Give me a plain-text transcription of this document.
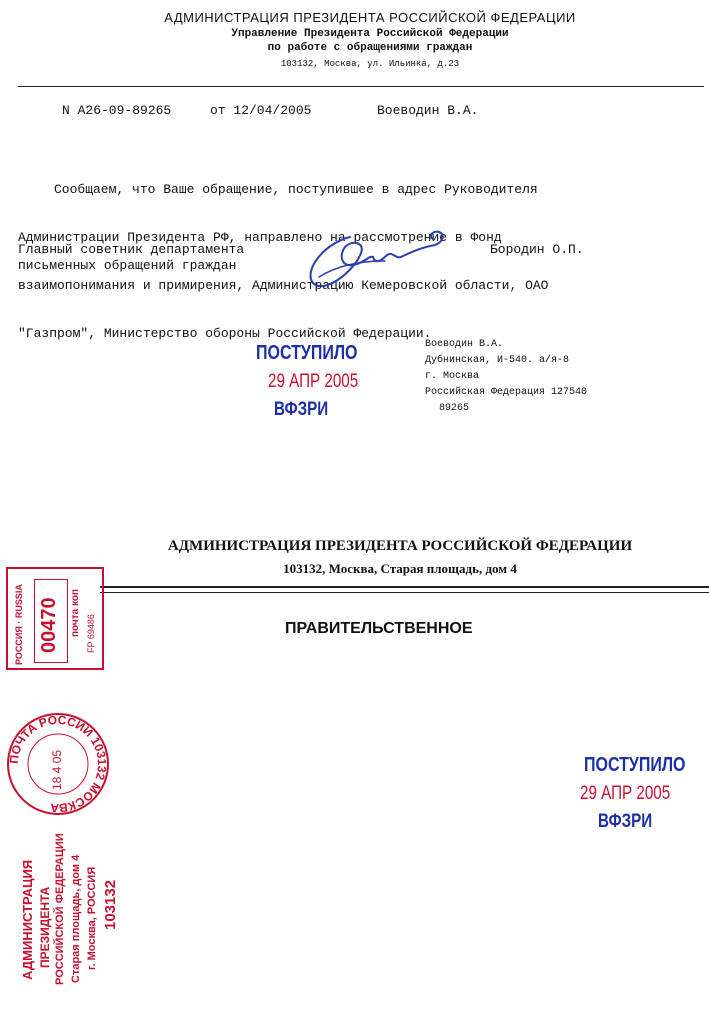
АДМИНИСТРАЦИЯ ПРЕЗИДЕНТА РОССИЙСКОЙ ФЕДЕРАЦИИ
Управление Президента Российской Федерации
по работе с обращениями граждан
103132, Москва, ул. Ильинка, д.23
N А26-09-89265	от 12/04/2005	Воеводин В.А.

Сообщаем, что Ваше обращение, поступившее в адрес Руководителя

Администрации Президента РФ, направлено на рассмотрение в Фонд

взаимопонимания и примирения, Администрацию Кемеровской области, ОАО

"Газпром", Министерство обороны Российской Федерации.

Главный советник департамента
письменных обращений граждан
Бородин О.П.
ПОСТУПИЛО
29 АПР 2005
ВФЗРИ
Воеводин В.А.
Дубнинская, И-540. а/я-8
г. Москва
Российская Федерация 127540
89265
АДМИНИСТРАЦИЯ ПРЕЗИДЕНТА РОССИЙСКОЙ ФЕДЕРАЦИИ
103132, Москва, Старая площадь, дом 4
ПРАВИТЕЛЬСТВЕННОЕ
РОССИЯ · RUSSIA 00470 почта коп FP 69486
ПОЧТА РОССИИ 103132 МОСКВА
18 4 05
АДМИНИСТРАЦИЯ ПРЕЗИДЕНТА РОССИЙСКОЙ ФЕДЕРАЦИИ Старая площадь, дом 4 г. Москва, РОССИЯ 103132
ПОСТУПИЛО
29 АПР 2005
ВФЗРИ
